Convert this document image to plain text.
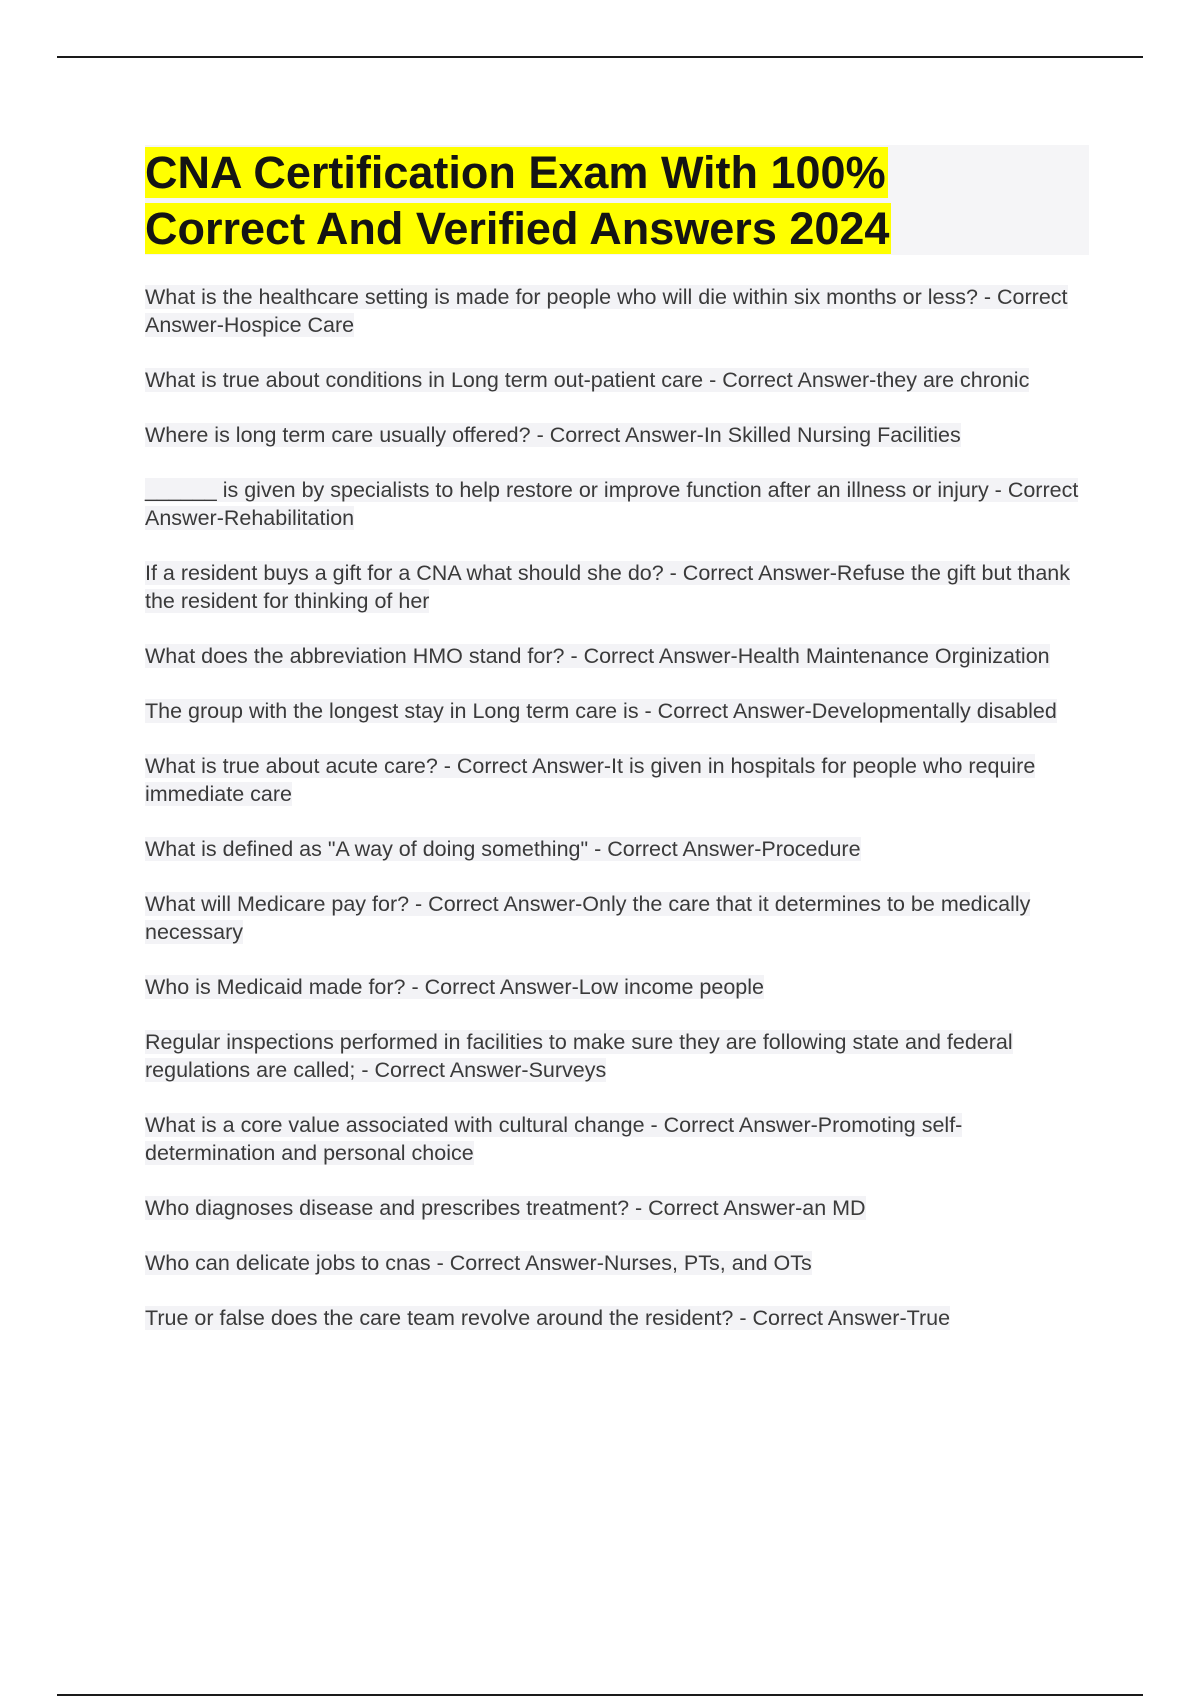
CNA Certification Exam With 100% Correct And Verified Answers 2024
What is the healthcare setting is made for people who will die within six months or less? - Correct Answer-Hospice Care
What is true about conditions in Long term out-patient care - Correct Answer-they are chronic
Where is long term care usually offered? - Correct Answer-In Skilled Nursing Facilities
______ is given by specialists to help restore or improve function after an illness or injury - Correct Answer-Rehabilitation
If a resident buys a gift for a CNA what should she do? - Correct Answer-Refuse the gift but thank the resident for thinking of her
What does the abbreviation HMO stand for? - Correct Answer-Health Maintenance Orginization
The group with the longest stay in Long term care is - Correct Answer-Developmentally disabled
What is true about acute care? - Correct Answer-It is given in hospitals for people who require immediate care
What is defined as "A way of doing something" - Correct Answer-Procedure
What will Medicare pay for? - Correct Answer-Only the care that it determines to be medically necessary
Who is Medicaid made for? - Correct Answer-Low income people
Regular inspections performed in facilities to make sure they are following state and federal regulations are called; - Correct Answer-Surveys
What is a core value associated with cultural change - Correct Answer-Promoting self-determination and personal choice
Who diagnoses disease and prescribes treatment? - Correct Answer-an MD
Who can delicate jobs to cnas - Correct Answer-Nurses, PTs, and OTs
True or false does the care team revolve around the resident? - Correct Answer-True
